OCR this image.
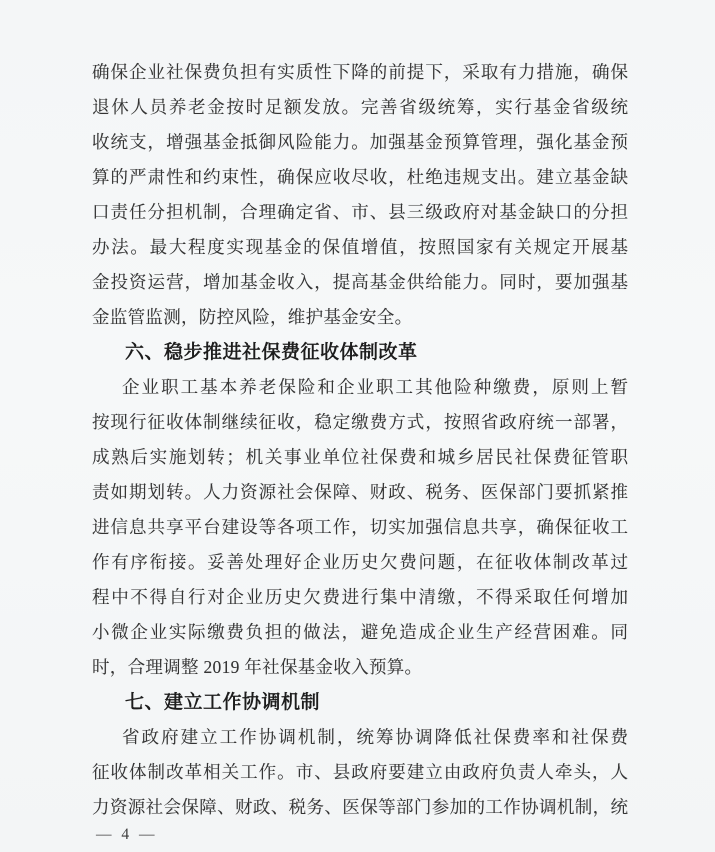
确保企业社保费负担有实质性下降的前提下，采取有力措施，确保
退休人员养老金按时足额发放。完善省级统筹，实行基金省级统
收统支，增强基金抵御风险能力。加强基金预算管理，强化基金预
算的严肃性和约束性，确保应收尽收，杜绝违规支出。建立基金缺
口责任分担机制，合理确定省、市、县三级政府对基金缺口的分担
办法。最大程度实现基金的保值增值，按照国家有关规定开展基
金投资运营，增加基金收入，提高基金供给能力。同时，要加强基
金监管监测，防控风险，维护基金安全。
六、稳步推进社保费征收体制改革
企业职工基本养老保险和企业职工其他险种缴费，原则上暂
按现行征收体制继续征收，稳定缴费方式，按照省政府统一部署，
成熟后实施划转；机关事业单位社保费和城乡居民社保费征管职
责如期划转。人力资源社会保障、财政、税务、医保部门要抓紧推
进信息共享平台建设等各项工作，切实加强信息共享，确保征收工
作有序衔接。妥善处理好企业历史欠费问题，在征收体制改革过
程中不得自行对企业历史欠费进行集中清缴，不得采取任何增加
小微企业实际缴费负担的做法，避免造成企业生产经营困难。同
时，合理调整 2019 年社保基金收入预算。
七、建立工作协调机制
省政府建立工作协调机制，统筹协调降低社保费率和社保费
征收体制改革相关工作。市、县政府要建立由政府负责人牵头，人
力资源社会保障、财政、税务、医保等部门参加的工作协调机制，统
— 4 —
